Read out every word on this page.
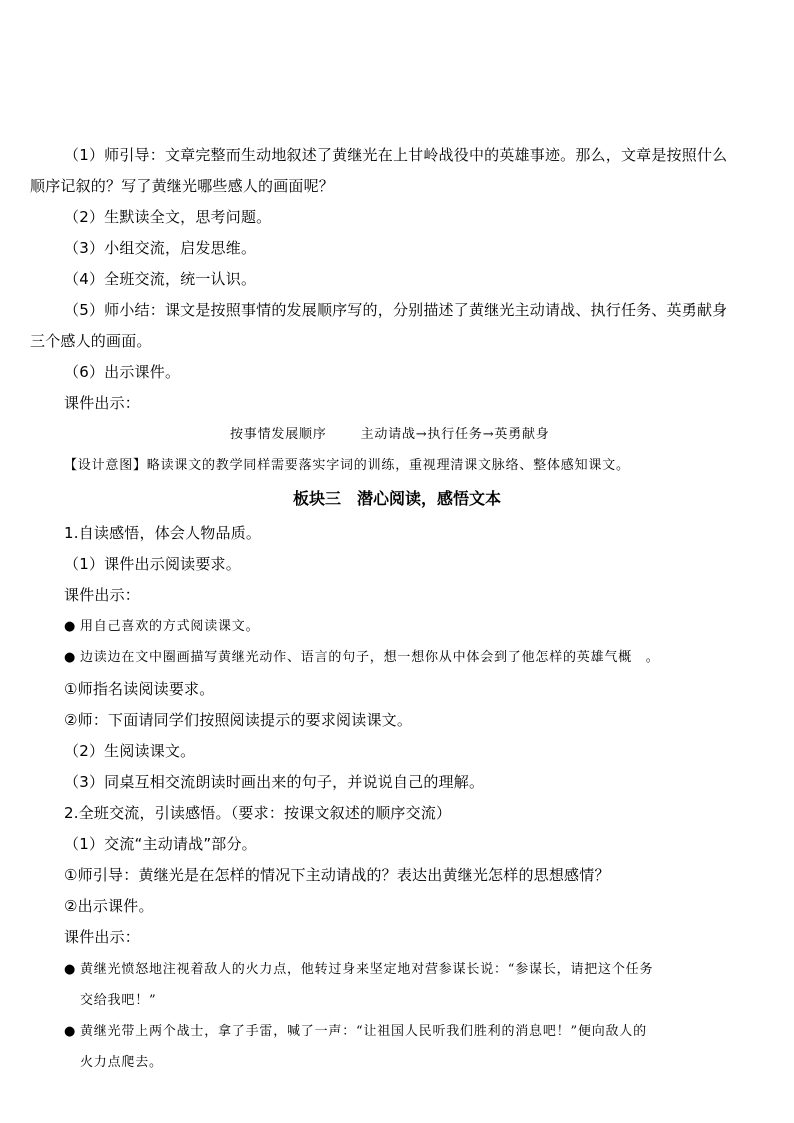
（1）师引导：文章完整而生动地叙述了黄继光在上甘岭战役中的英雄事迹。那么，文章是按照什么
顺序记叙的？写了黄继光哪些感人的画面呢？
（2）生默读全文，思考问题。
（3）小组交流，启发思维。
（4）全班交流，统一认识。
（5）师小结：课文是按照事情的发展顺序写的，分别描述了黄继光主动请战、执行任务、英勇献身
三个感人的画面。
（6）出示课件。
课件出示：
按事情发展顺序	主动请战→执行任务→英勇献身
【设计意图】略读课文的教学同样需要落实字词的训练，重视理清课文脉络、整体感知课文。
板块三　潜心阅读，感悟文本
1.自读感悟，体会人物品质。
（1）课件出示阅读要求。
课件出示：
● 用自己喜欢的方式阅读课文。
● 边读边在文中圈画描写黄继光动作、语言的句子，想一想你从中体会到了他怎样的英雄气概　。
①师指名读阅读要求。
②师：下面请同学们按照阅读提示的要求阅读课文。
（2）生阅读课文。
（3）同桌互相交流朗读时画出来的句子，并说说自己的理解。
2.全班交流，引读感悟。（要求：按课文叙述的顺序交流）
（1）交流“主动请战”部分。
①师引导：黄继光是在怎样的情况下主动请战的？表达出黄继光怎样的思想感情？
②出示课件。
课件出示：
● 黄继光愤怒地注视着敌人的火力点，他转过身来坚定地对营参谋长说：“参谋长，请把这个任务
交给我吧！”
● 黄继光带上两个战士，拿了手雷，喊了一声：“让祖国人民听我们胜利的消息吧！”便向敌人的
火力点爬去。
